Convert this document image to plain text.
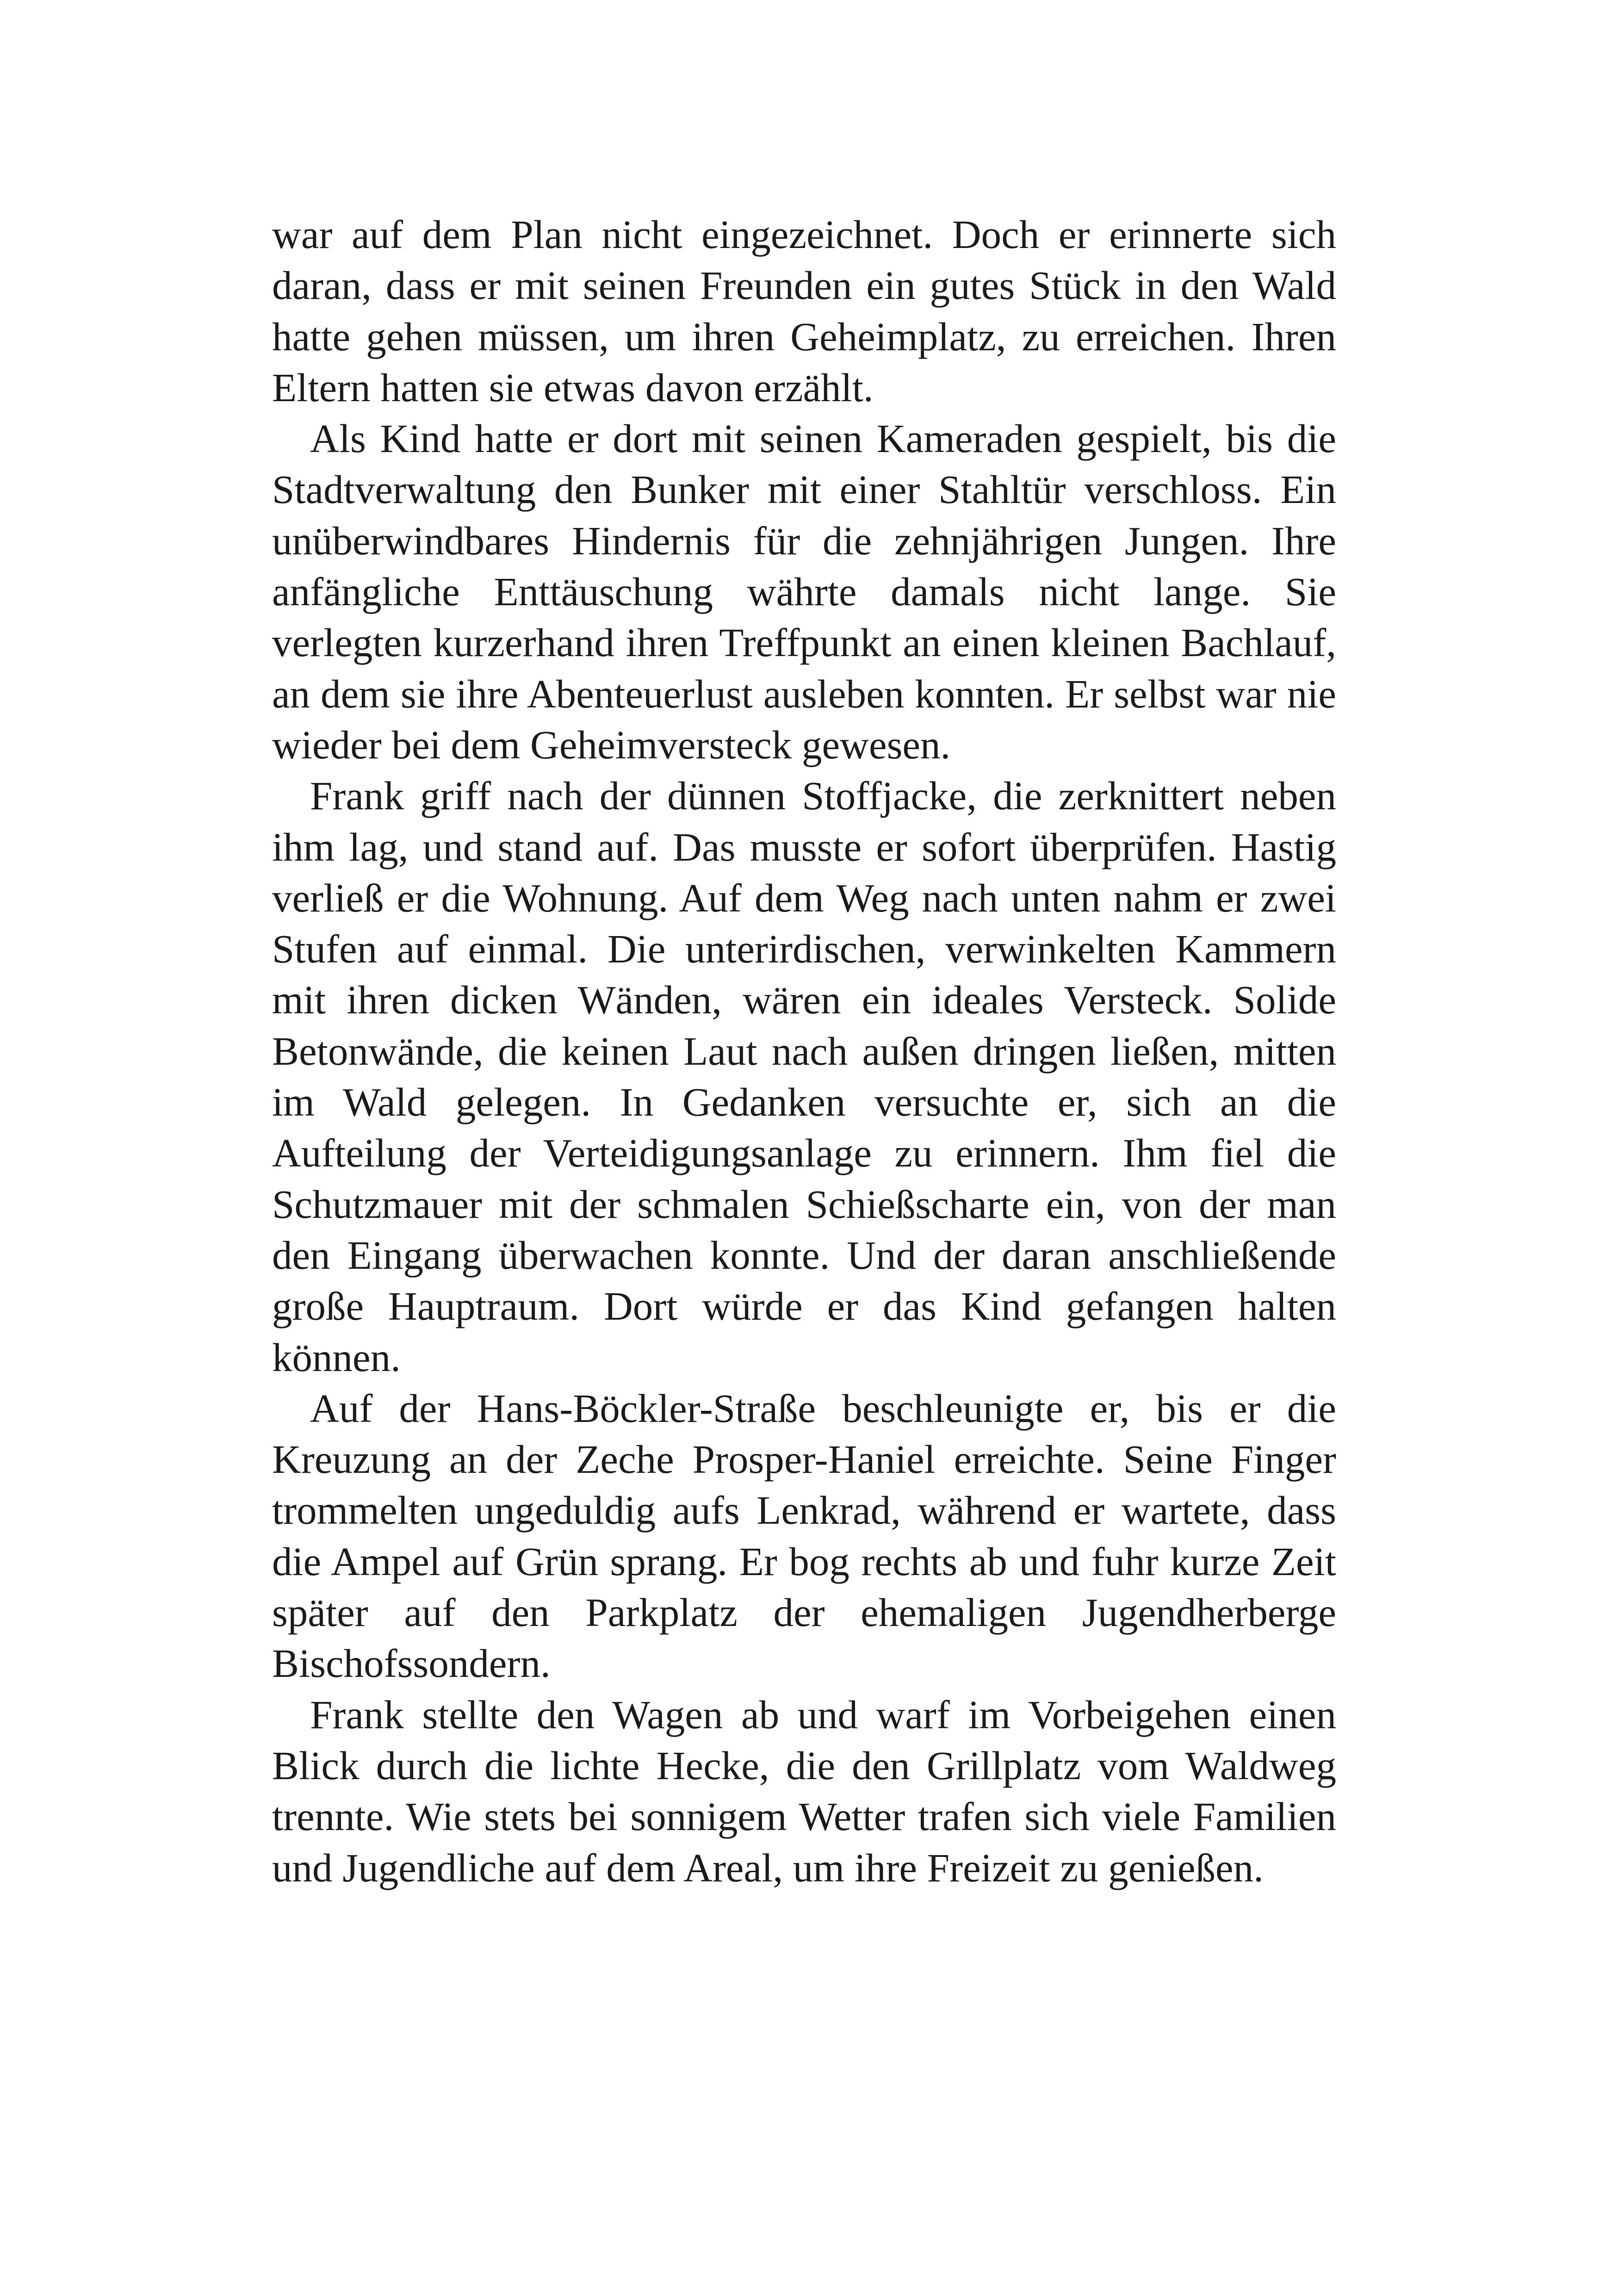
war auf dem Plan nicht eingezeichnet. Doch er erinnerte sich daran, dass er mit seinen Freunden ein gutes Stück in den Wald hatte gehen müssen, um ihren Geheimplatz, zu erreichen. Ihren Eltern hatten sie etwas davon erzählt.

Als Kind hatte er dort mit seinen Kameraden gespielt, bis die Stadtverwaltung den Bunker mit einer Stahltür verschloss. Ein unüberwindbares Hindernis für die zehnjährigen Jungen. Ihre anfängliche Enttäuschung währte damals nicht lange. Sie verlegten kurzerhand ihren Treffpunkt an einen kleinen Bachlauf, an dem sie ihre Abenteuerlust ausleben konnten. Er selbst war nie wieder bei dem Geheimversteck gewesen.

Frank griff nach der dünnen Stoffjacke, die zerknittert neben ihm lag, und stand auf. Das musste er sofort überprüfen. Hastig verließ er die Wohnung. Auf dem Weg nach unten nahm er zwei Stufen auf einmal. Die unterirdischen, verwinkelten Kammern mit ihren dicken Wänden, wären ein ideales Versteck. Solide Betonwände, die keinen Laut nach außen dringen ließen, mitten im Wald gelegen. In Gedanken versuchte er, sich an die Aufteilung der Verteidigungsanlage zu erinnern. Ihm fiel die Schutzmauer mit der schmalen Schießscharte ein, von der man den Eingang überwachen konnte. Und der daran anschließende große Hauptraum. Dort würde er das Kind gefangen halten können.

Auf der Hans-Böckler-Straße beschleunigte er, bis er die Kreuzung an der Zeche Prosper-Haniel erreichte. Seine Finger trommelten ungeduldig aufs Lenkrad, während er wartete, dass die Ampel auf Grün sprang. Er bog rechts ab und fuhr kurze Zeit später auf den Parkplatz der ehemaligen Jugendherberge Bischofssondern.

Frank stellte den Wagen ab und warf im Vorbeigehen einen Blick durch die lichte Hecke, die den Grillplatz vom Waldweg trennte. Wie stets bei sonnigem Wetter trafen sich viele Familien und Jugendliche auf dem Areal, um ihre Freizeit zu genießen.
